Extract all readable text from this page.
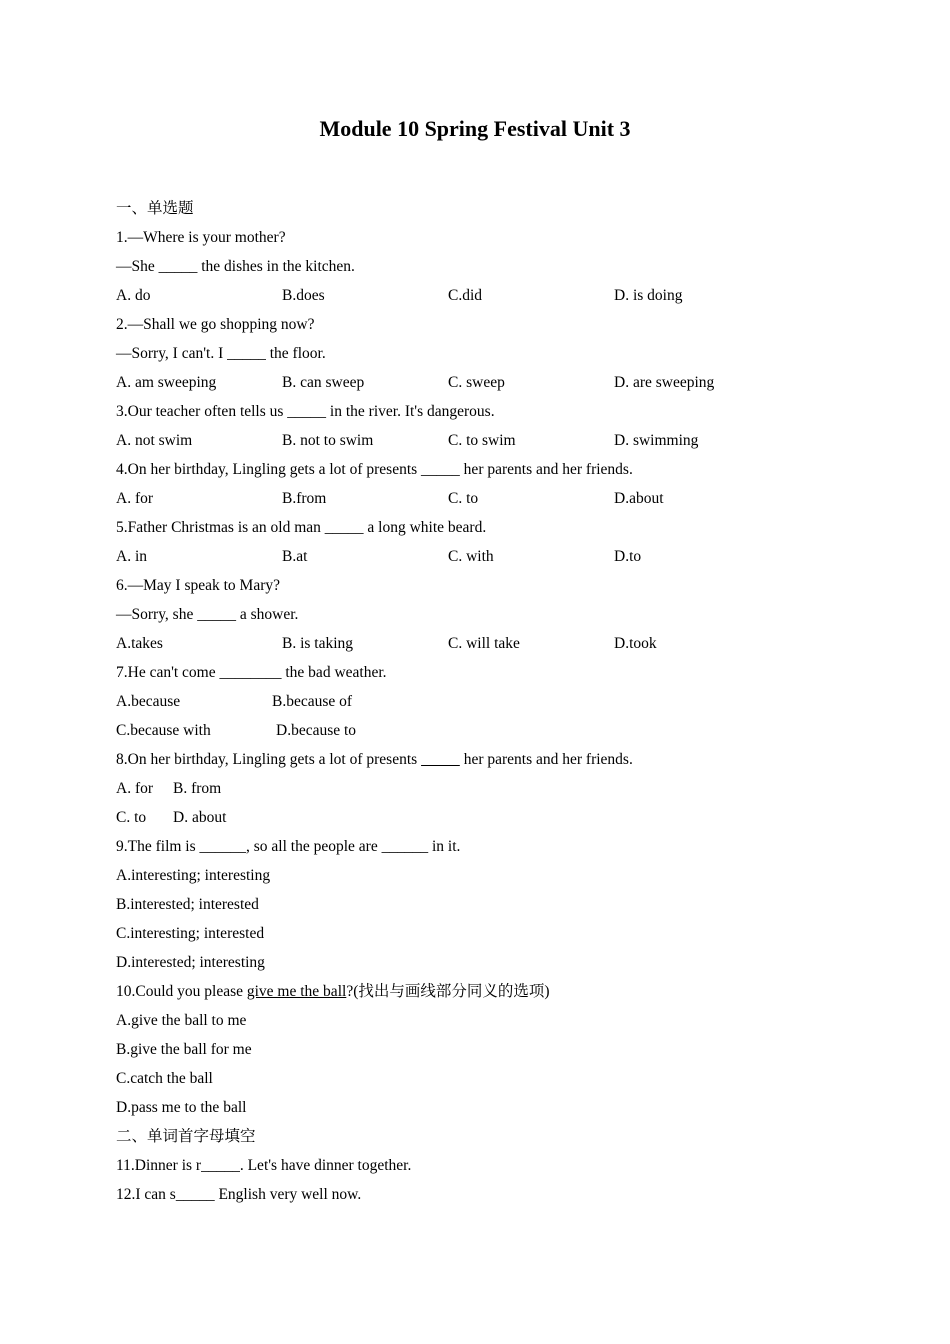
Module 10 Spring Festival Unit 3
一、单选题
1.—Where is your mother?
—She _____ the dishes in the kitchen.
A. do	B.does	C.did	D. is doing
2.—Shall we go shopping now?
—Sorry, I can't. I _____ the floor.
A. am sweeping	B. can sweep	C. sweep	D. are sweeping
3.Our teacher often tells us _____ in the river. It's dangerous.
A. not swim	B. not to swim	C. to swim	D. swimming
4.On her birthday, Lingling gets a lot of presents _____ her parents and her friends.
A. for	B.from	C. to	D.about
5.Father Christmas is an old man _____ a long white beard.
A. in	B.at	C. with	D.to
6.—May I speak to Mary?
—Sorry, she _____ a shower.
A.takes	B. is taking	C. will take	D.took
7.He can't come ________ the bad weather.
A.because	B.because of
C.because with	D.because to
8.On her birthday, Lingling gets a lot of presents	her parents and her friends.
A. for	B. from
C. to	D. about
9.The film is ______, so all the people are ______ in it.
A.interesting; interesting
B.interested; interested
C.interesting; interested
D.interested; interesting
10.Could you please give me the ball?(找出与画线部分同义的选项)
A.give the ball to me
B.give the ball for me
C.catch the ball
D.pass me to the ball
二、单词首字母填空
11.Dinner is r_____. Let's have dinner together.
12.I can s_____ English very well now.
